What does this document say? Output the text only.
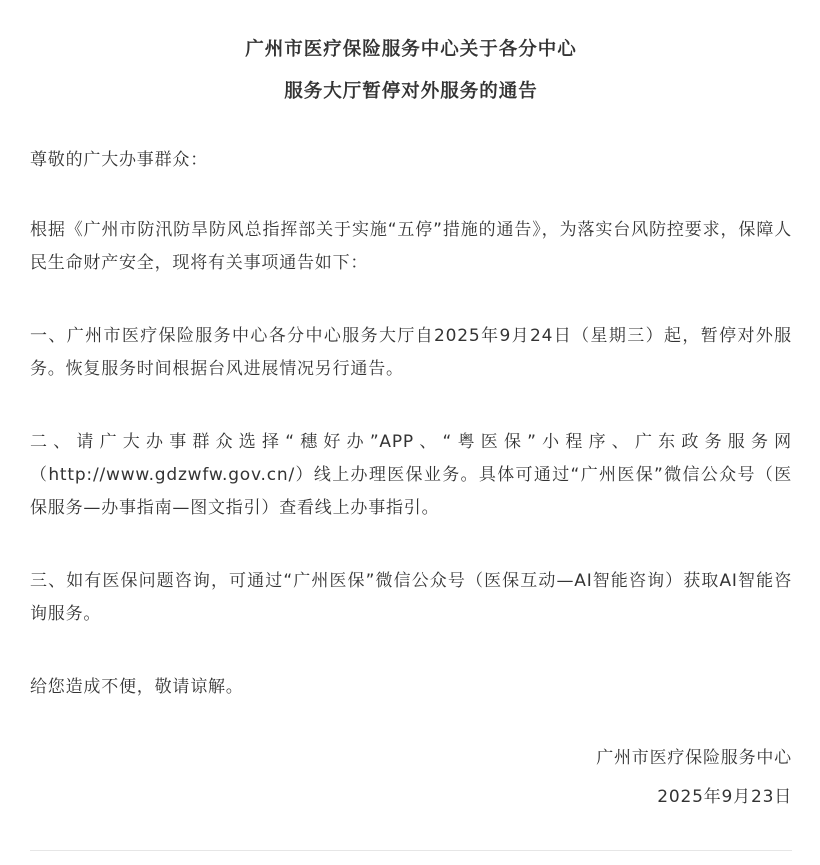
广州市医疗保险服务中心关于各分中心
服务大厅暂停对外服务的通告

尊敬的广大办事群众：

根据《广州市防汛防旱防风总指挥部关于实施“五停”措施的通告》，为落实台风防控要求，保障人民生命财产安全，现将有关事项通告如下：

一、广州市医疗保险服务中心各分中心服务大厅自2025年9月24日（星期三）起，暂停对外服务。恢复服务时间根据台风进展情况另行通告。

二、请广大办事群众选择“穗好办”APP、“粤医保”小程序、广东政务服务网（http://www.gdzwfw.gov.cn/）线上办理医保业务。具体可通过“广州医保”微信公众号（医保服务—办事指南—图文指引）查看线上办事指引。

三、如有医保问题咨询，可通过“广州医保”微信公众号（医保互动—AI智能咨询）获取AI智能咨询服务。

给您造成不便，敬请谅解。

广州市医疗保险服务中心

2025年9月23日
